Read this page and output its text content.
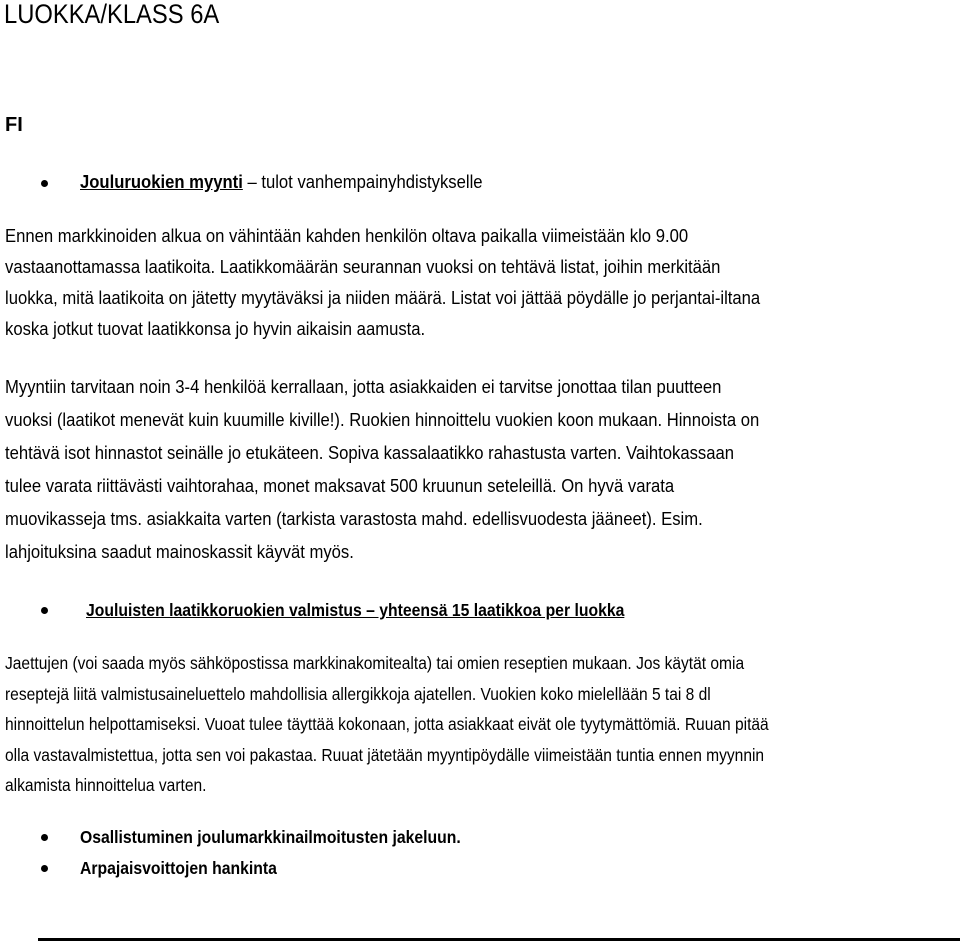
LUOKKA/KLASS 6A
FI
Jouluruokien myynti – tulot vanhempainyhdistykselle
Ennen markkinoiden alkua on vähintään kahden henkilön oltava paikalla viimeistään klo 9.00
vastaanottamassa laatikoita. Laatikkomäärän seurannan vuoksi on tehtävä listat, joihin merkitään
luokka, mitä laatikoita on jätetty myytäväksi ja niiden määrä. Listat voi jättää pöydälle jo perjantai-iltana
koska jotkut tuovat laatikkonsa jo hyvin aikaisin aamusta.
Myyntiin tarvitaan noin 3-4 henkilöä kerrallaan, jotta asiakkaiden ei tarvitse jonottaa tilan puutteen
vuoksi (laatikot menevät kuin kuumille kiville!). Ruokien hinnoittelu vuokien koon mukaan. Hinnoista on
tehtävä isot hinnastot seinälle jo etukäteen. Sopiva kassalaatikko rahastusta varten. Vaihtokassaan
tulee varata riittävästi vaihtorahaa, monet maksavat 500 kruunun seteleillä. On hyvä varata
muovikasseja tms. asiakkaita varten (tarkista varastosta mahd. edellisvuodesta jääneet). Esim.
lahjoituksina saadut mainoskassit käyvät myös.
Jouluisten laatikkoruokien valmistus – yhteensä 15 laatikkoa per luokka
Jaettujen (voi saada myös sähköpostissa markkinakomitealta) tai omien reseptien mukaan. Jos käytät omia
reseptejä liitä valmistusaineluettelo mahdollisia allergikkoja ajatellen. Vuokien koko mielellään 5 tai 8 dl
hinnoittelun helpottamiseksi. Vuoat tulee täyttää kokonaan, jotta asiakkaat eivät ole tyytymättömiä. Ruuan pitää
olla vastavalmistettua, jotta sen voi pakastaa. Ruuat jätetään myyntipöydälle viimeistään tuntia ennen myynnin
alkamista hinnoittelua varten.
Osallistuminen joulumarkkinailmoitusten jakeluun.
Arpajaisvoittojen hankinta
